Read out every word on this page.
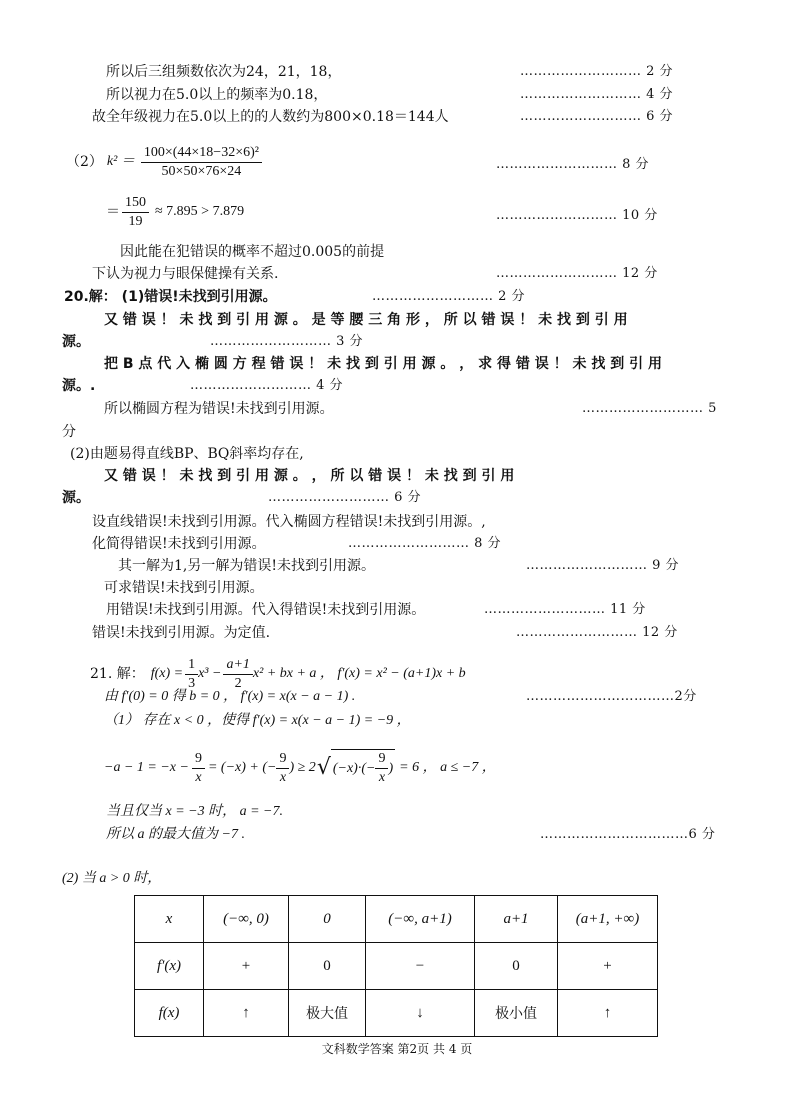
所以后三组频数依次为24，21，18，	……………………… 2 分
所以视力在5.0以上的频率为0.18，	……………………… 4 分
故全年级视力在5.0以上的的人数约为800×0.18＝144人	……………………… 6 分
（2） $k^2 = \frac{\text{100×(44×18−32×6)²}}{50\times 50\times 76\times 24}$	……………………… 8 分
＝ $\frac{150}{19} \approx 7.895 > 7.879$	……………………… 10 分
因此能在犯错误的概率不超过0.005的前提
下认为视力与眼保健操有关系.	……………………… 12 分
20.解： (1)错误!未找到引用源。	……………………… 2 分
又 错 误 ！ 未 找 到 引 用 源 。 是 等 腰 三 角 形 ， 所 以 错 误 ！ 未 找 到 引 用
源。	……………………… 3 分
把 B 点 代 入 椭 圆 方 程 错 误 ！ 未 找 到 引 用 源 。 ， 求 得 错 误 ！ 未 找 到 引 用
源。.	……………………… 4 分
所以椭圆方程为错误!未找到引用源。	……………………… 5
分
(2)由题易得直线BP、BQ斜率均存在,
又 错 误 ！ 未 找 到 引 用 源 。 ， 所 以 错 误 ！ 未 找 到 引 用
源。	……………………… 6 分
设直线错误!未找到引用源。代入椭圆方程错误!未找到引用源。,
化简得错误!未找到引用源。	……………………… 8 分
其一解为1,另一解为错误!未找到引用源。	……………………… 9 分
可求错误!未找到引用源。
用错误!未找到引用源。代入得错误!未找到引用源。	……………………… 11 分
错误!未找到引用源。为定值.	……………………… 12 分
21. 解： $f(x) = \frac{1}{3} x^3 - \frac{a+1}{2} x^2$ + bx + a ， f′(x) = x² − (a+1)x + b
由 f′(0) = 0 得 b = 0 ， f′(x) = x(x − a − 1) .	……………………………2分
（1） 存在 x < 0 ，使得 f′(x) = x(x − a − 1) = −9 ，
$-a - 1 = -x - \frac{9}{x} = (-x)$ + (− $\frac{9}{x}$ ) ≥ 2 √ $(-x)\cdot(- \frac{9}{x}$ ) = 6 ， a ≤ −7 ，
当且仅当 x = −3 时， a = −7.
所以 a 的最大值为 −7 .	……………………………6 分
(2) 当 a > 0 时，
x	(−∞, 0)	0	(−∞, a+1)	a+1	(a+1, +∞)
f′(x)	+	0	−	0	+
f(x)	↑	极大值	↓	极小值	↑
文科数学答案 第2页 共 4 页
